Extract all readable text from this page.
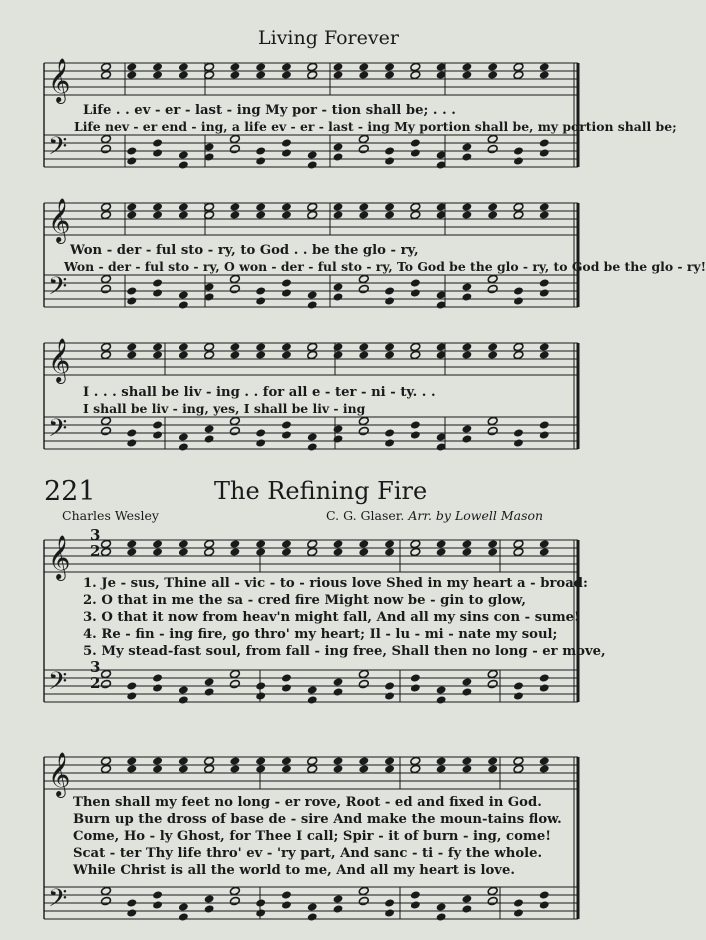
Living Forever
𝄞
𝄢
𝄞
𝄢
𝄞
𝄢
𝄞
𝄢
𝄞
𝄢
Life . . ev - er - last - ing My por - tion shall be; . . .
Life nev - er end - ing, a life ev - er - last - ing My portion shall be, my portion shall be;
Won - der - ful sto - ry, to God . . be the glo - ry,
Won - der - ful sto - ry, O won - der - ful sto - ry, To God be the glo - ry, to God be the glo - ry!
I . . . shall be liv - ing . . for all e - ter - ni - ty. . .
I shall be liv - ing, yes, I shall be liv - ing
221	The Refining Fire
Charles Wesley	C. G. Glaser. Arr. by Lowell Mason
3
2
3
2
1. Je - sus, Thine all - vic - to - rious love Shed in my heart a - broad:
2. O that in me the sa - cred fire Might now be - gin to glow,
3. O that it now from heav'n might fall, And all my sins con - sume!
4. Re - fin - ing fire, go thro' my heart; Il - lu - mi - nate my soul;
5. My stead-fast soul, from fall - ing free, Shall then no long - er move,
Then shall my feet no long - er rove, Root - ed and fixed in God.
Burn up the dross of base de - sire And make the moun-tains flow.
Come, Ho - ly Ghost, for Thee I call; Spir - it of burn - ing, come!
Scat - ter Thy life thro' ev - 'ry part, And sanc - ti - fy the whole.
While Christ is all the world to me, And all my heart is love.
